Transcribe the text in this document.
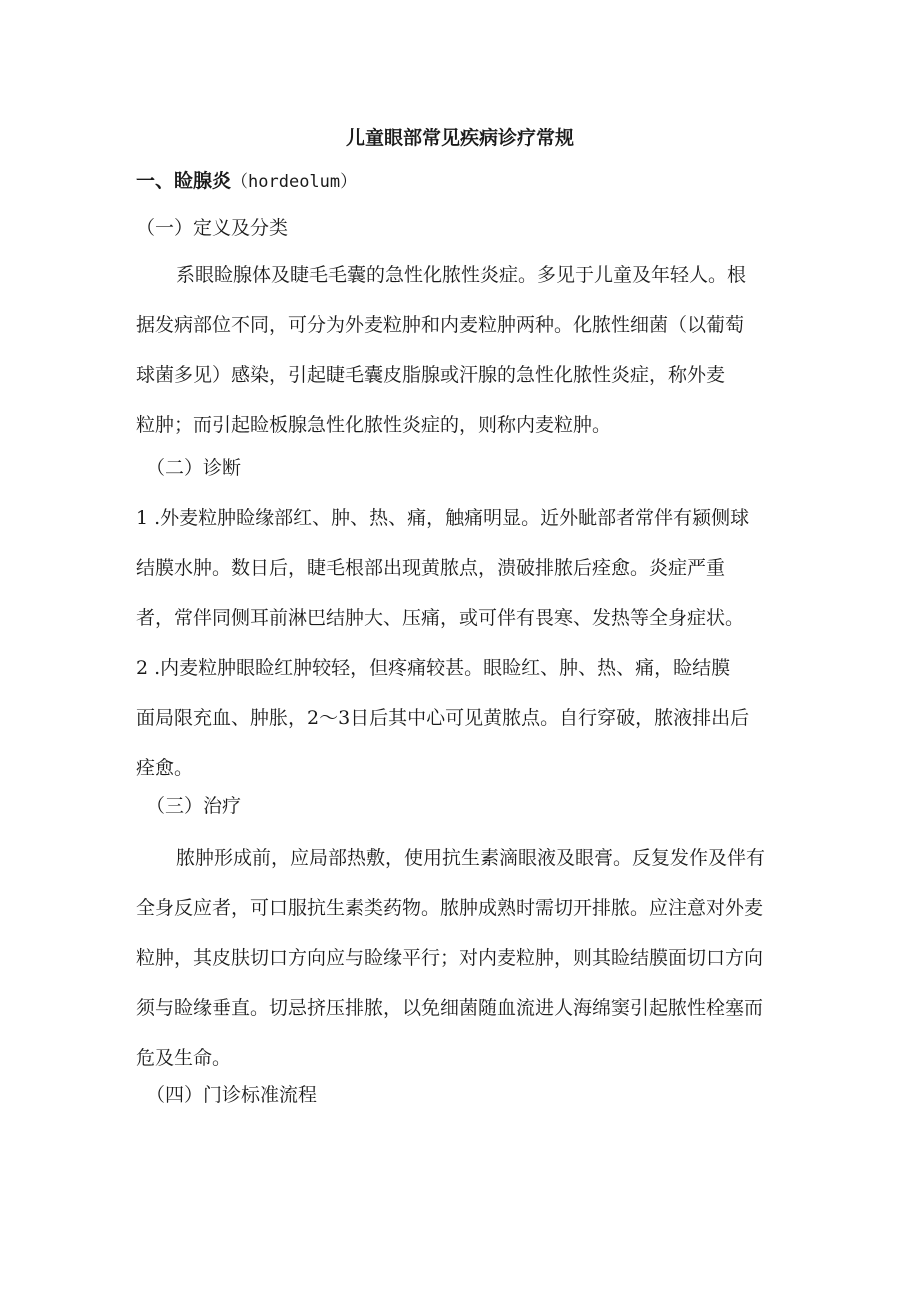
儿童眼部常见疾病诊疗常规
一、睑腺炎（hordeolum）
（一）定义及分类
系眼睑腺体及睫毛毛囊的急性化脓性炎症。多见于儿童及年轻人。根
据发病部位不同，可分为外麦粒肿和内麦粒肿两种。化脓性细菌（以葡萄
球菌多见）感染，引起睫毛囊皮脂腺或汗腺的急性化脓性炎症，称外麦
粒肿；而引起睑板腺急性化脓性炎症的，则称内麦粒肿。
（二）诊断
1 .外麦粒肿睑缘部红、肿、热、痛，触痛明显。近外眦部者常伴有颍侧球
结膜水肿。数日后，睫毛根部出现黄脓点，溃破排脓后痊愈。炎症严重
者，常伴同侧耳前淋巴结肿大、压痛，或可伴有畏寒、发热等全身症状。
2 .内麦粒肿眼睑红肿较轻，但疼痛较甚。眼睑红、肿、热、痛，睑结膜
面局限充血、肿胀，2〜3日后其中心可见黄脓点。自行穿破，脓液排出后
痊愈。
（三）治疗
脓肿形成前，应局部热敷，使用抗生素滴眼液及眼膏。反复发作及伴有
全身反应者，可口服抗生素类药物。脓肿成熟时需切开排脓。应注意对外麦
粒肿，其皮肤切口方向应与睑缘平行；对内麦粒肿，则其睑结膜面切口方向
须与睑缘垂直。切忌挤压排脓，以免细菌随血流进人海绵窦引起脓性栓塞而
危及生命。
（四）门诊标准流程
